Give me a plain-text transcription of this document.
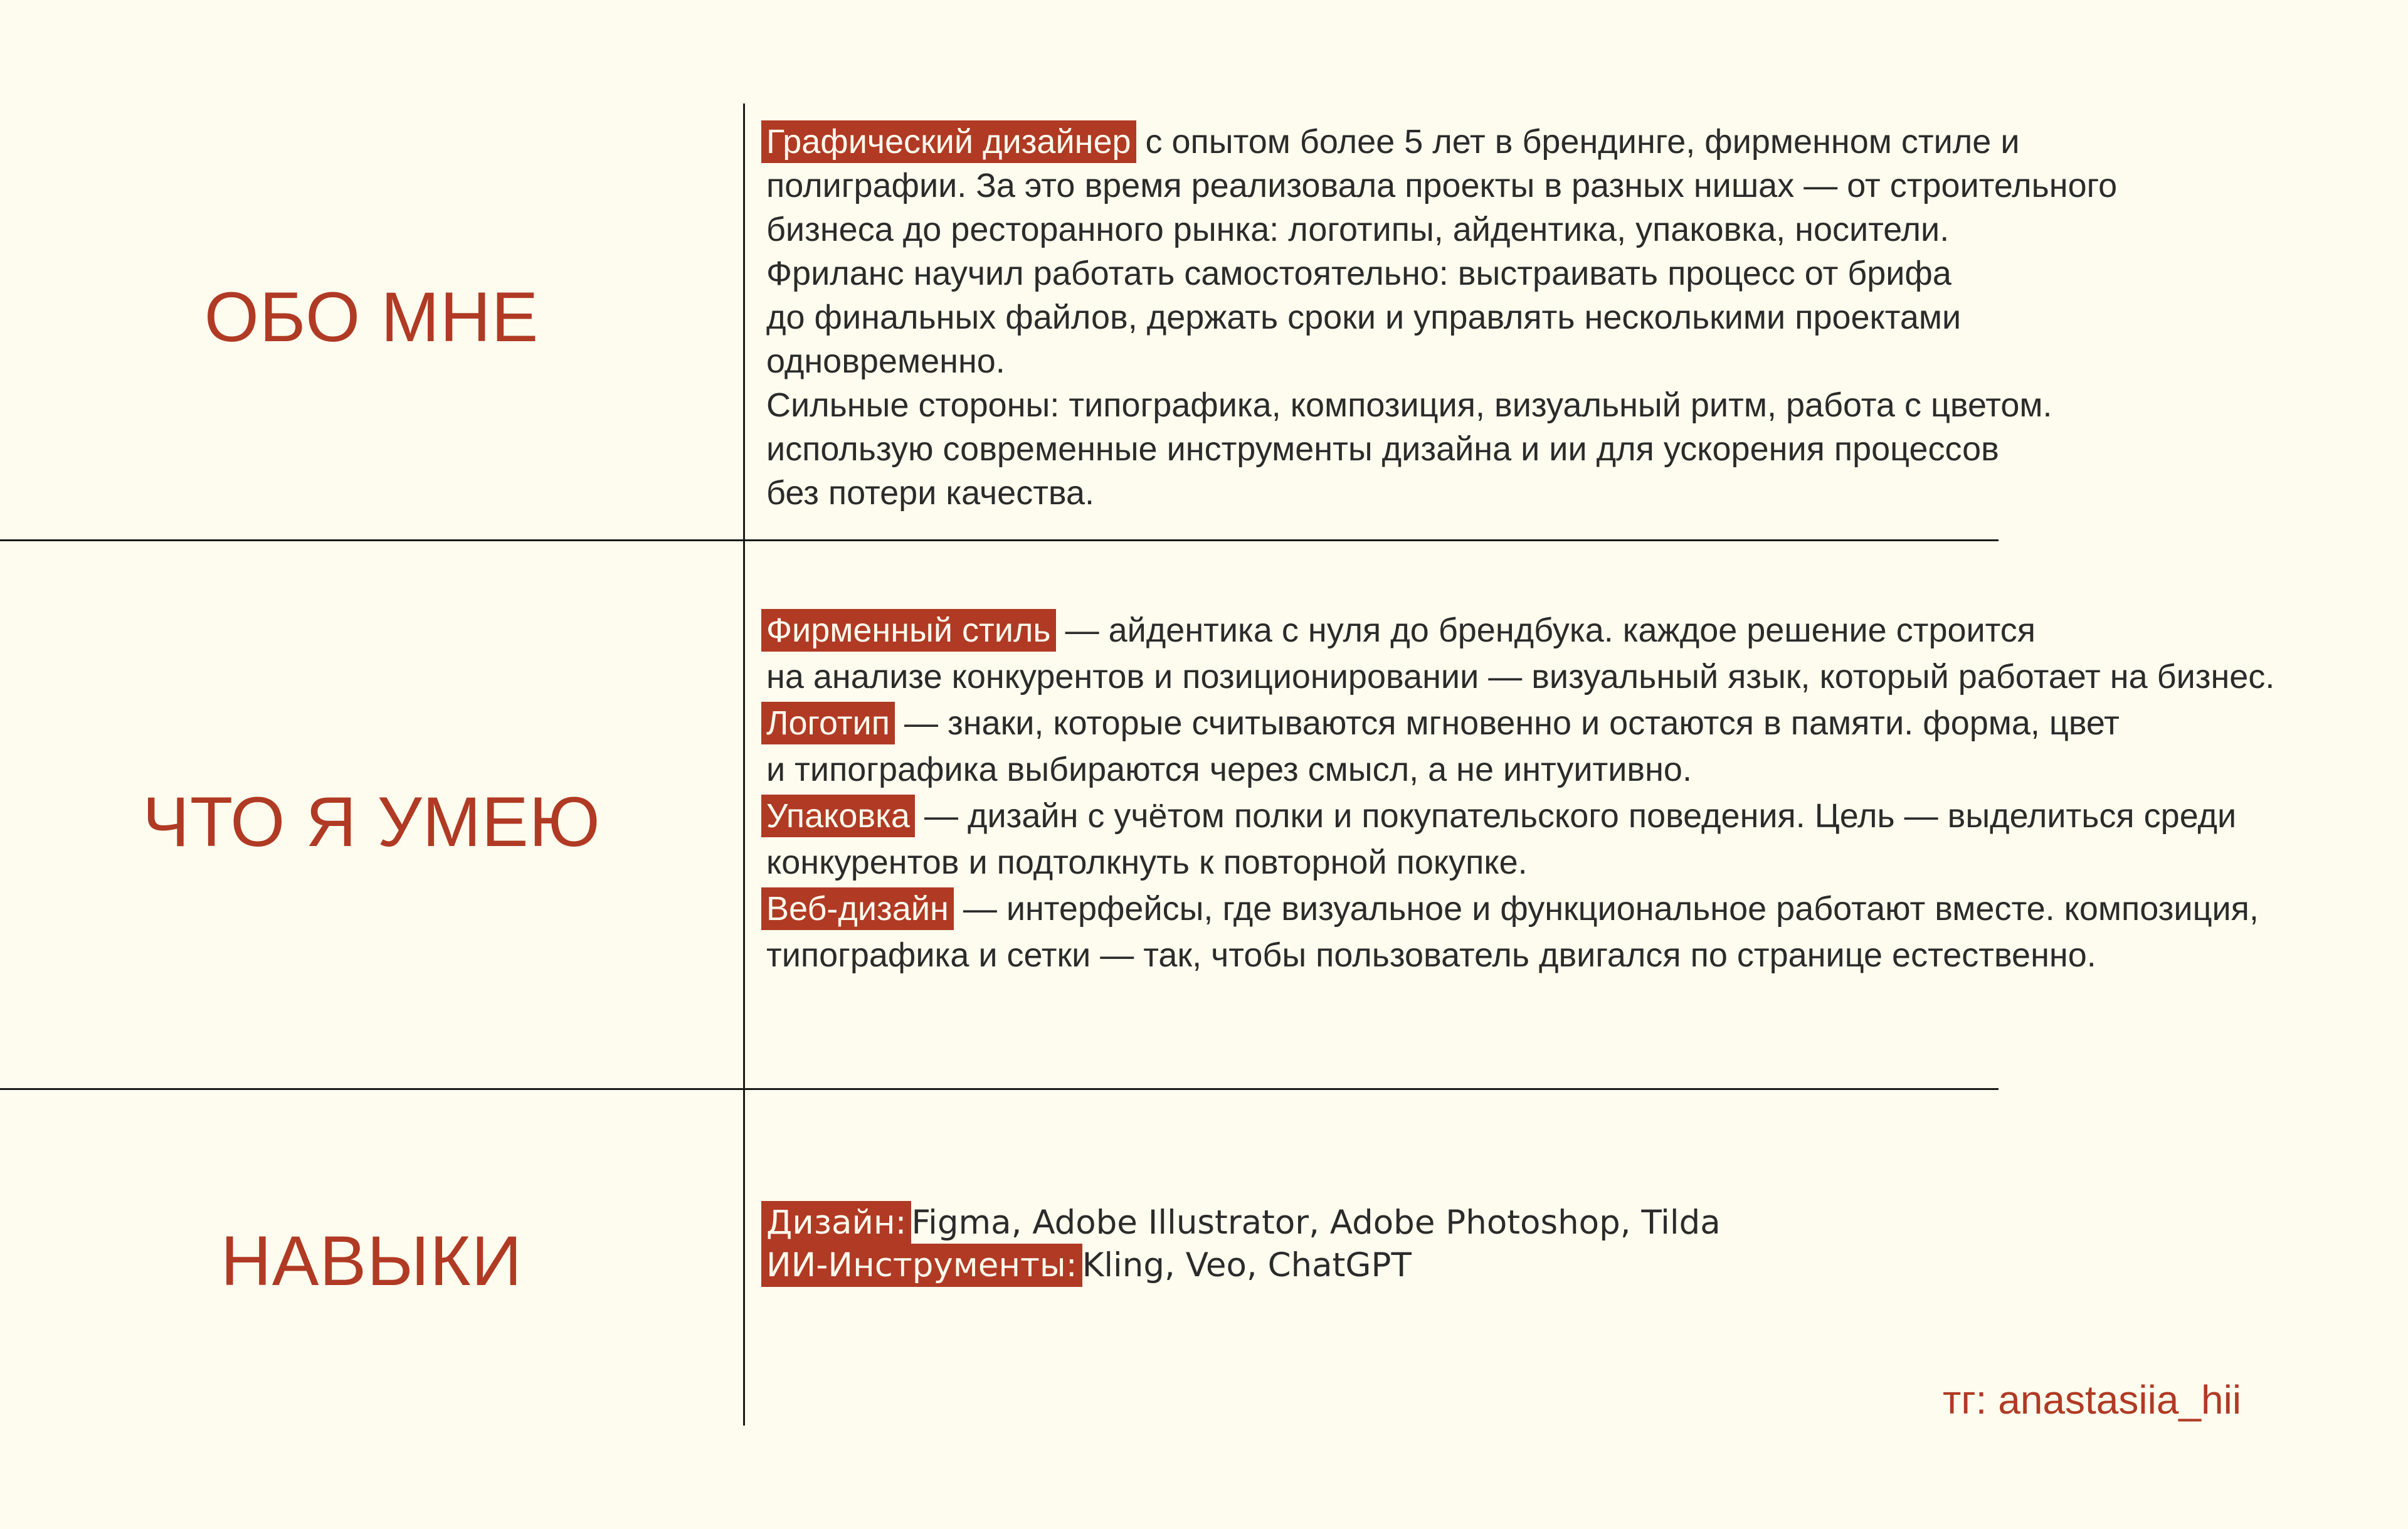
ОБО МНЕ
ЧТО Я УМЕЮ
НАВЫКИ
Графический дизайнер с опытом более 5 лет в брендинге, фирменном стиле и
полиграфии. За это время реализовала проекты в разных нишах — от строительного
бизнеса до ресторанного рынка: логотипы, айдентика, упаковка, носители.
Фриланс научил работать самостоятельно: выстраивать процесс от брифа
до финальных файлов, держать сроки и управлять несколькими проектами
одновременно.
Сильные стороны: типографика, композиция, визуальный ритм, работа с цветом.
использую современные инструменты дизайна и ии для ускорения процессов
без потери качества.
Фирменный стиль — айдентика с нуля до брендбука. каждое решение строится
на анализе конкурентов и позиционировании — визуальный язык, который работает на бизнес.
Логотип — знаки, которые считываются мгновенно и остаются в памяти. форма, цвет
и типографика выбираются через смысл, а не интуитивно.
Упаковка — дизайн с учётом полки и покупательского поведения. Цель — выделиться среди
конкурентов и подтолкнуть к повторной покупке.
Веб-дизайн — интерфейсы, где визуальное и функциональное работают вместе. композиция,
типографика и сетки — так, чтобы пользователь двигался по странице естественно.
Дизайн: Figma, Adobe Illustrator, Adobe Photoshop, Tilda
ИИ-Инструменты: Kling, Veo, ChatGPT
тг: anastasiia_hii
